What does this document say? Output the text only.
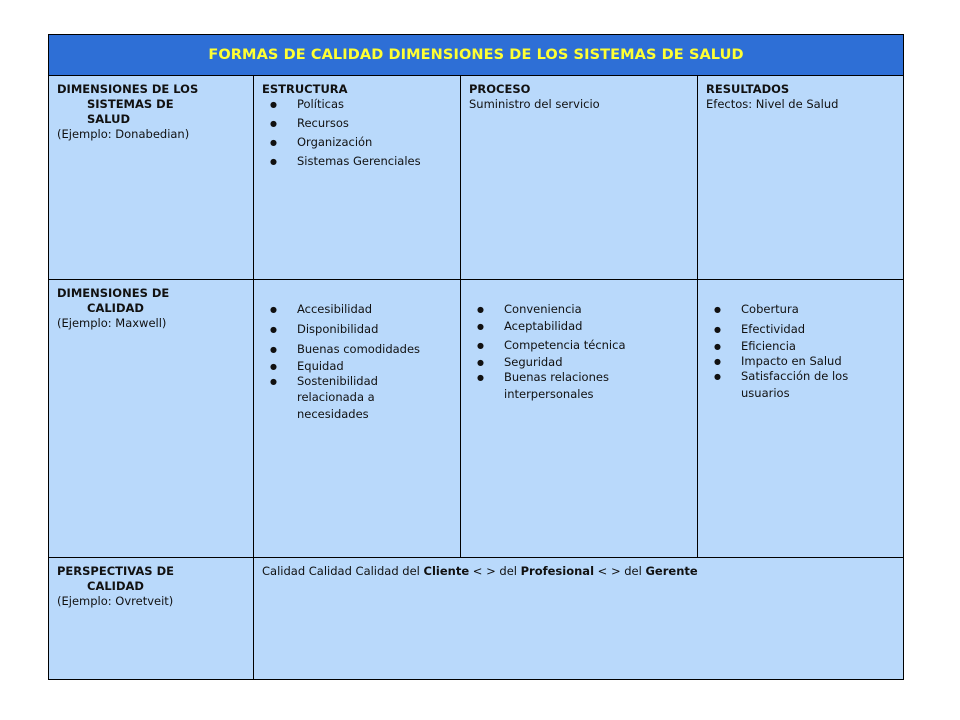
FORMAS DE CALIDAD DIMENSIONES DE LOS SISTEMAS DE SALUD
DIMENSIONES DE LOS
SISTEMAS DE
SALUD
(Ejemplo: Donabedian)
ESTRUCTURA
● Políticas
● Recursos
● Organización
● Sistemas Gerenciales
PROCESO
Suministro del servicio
RESULTADOS
Efectos: Nivel de Salud
DIMENSIONES DE
CALIDAD
(Ejemplo: Maxwell)
● Accesibilidad
● Disponibilidad
● Buenas comodidades
● Equidad
● Sostenibilidad
relacionada a
necesidades
● Conveniencia
● Aceptabilidad
● Competencia técnica
● Seguridad
● Buenas relaciones
interpersonales
● Cobertura
● Efectividad
● Eficiencia
● Impacto en Salud
● Satisfacción de los
usuarios
PERSPECTIVAS DE
CALIDAD
(Ejemplo: Ovretveit)
Calidad Calidad Calidad del Cliente < > del Profesional < > del Gerente
